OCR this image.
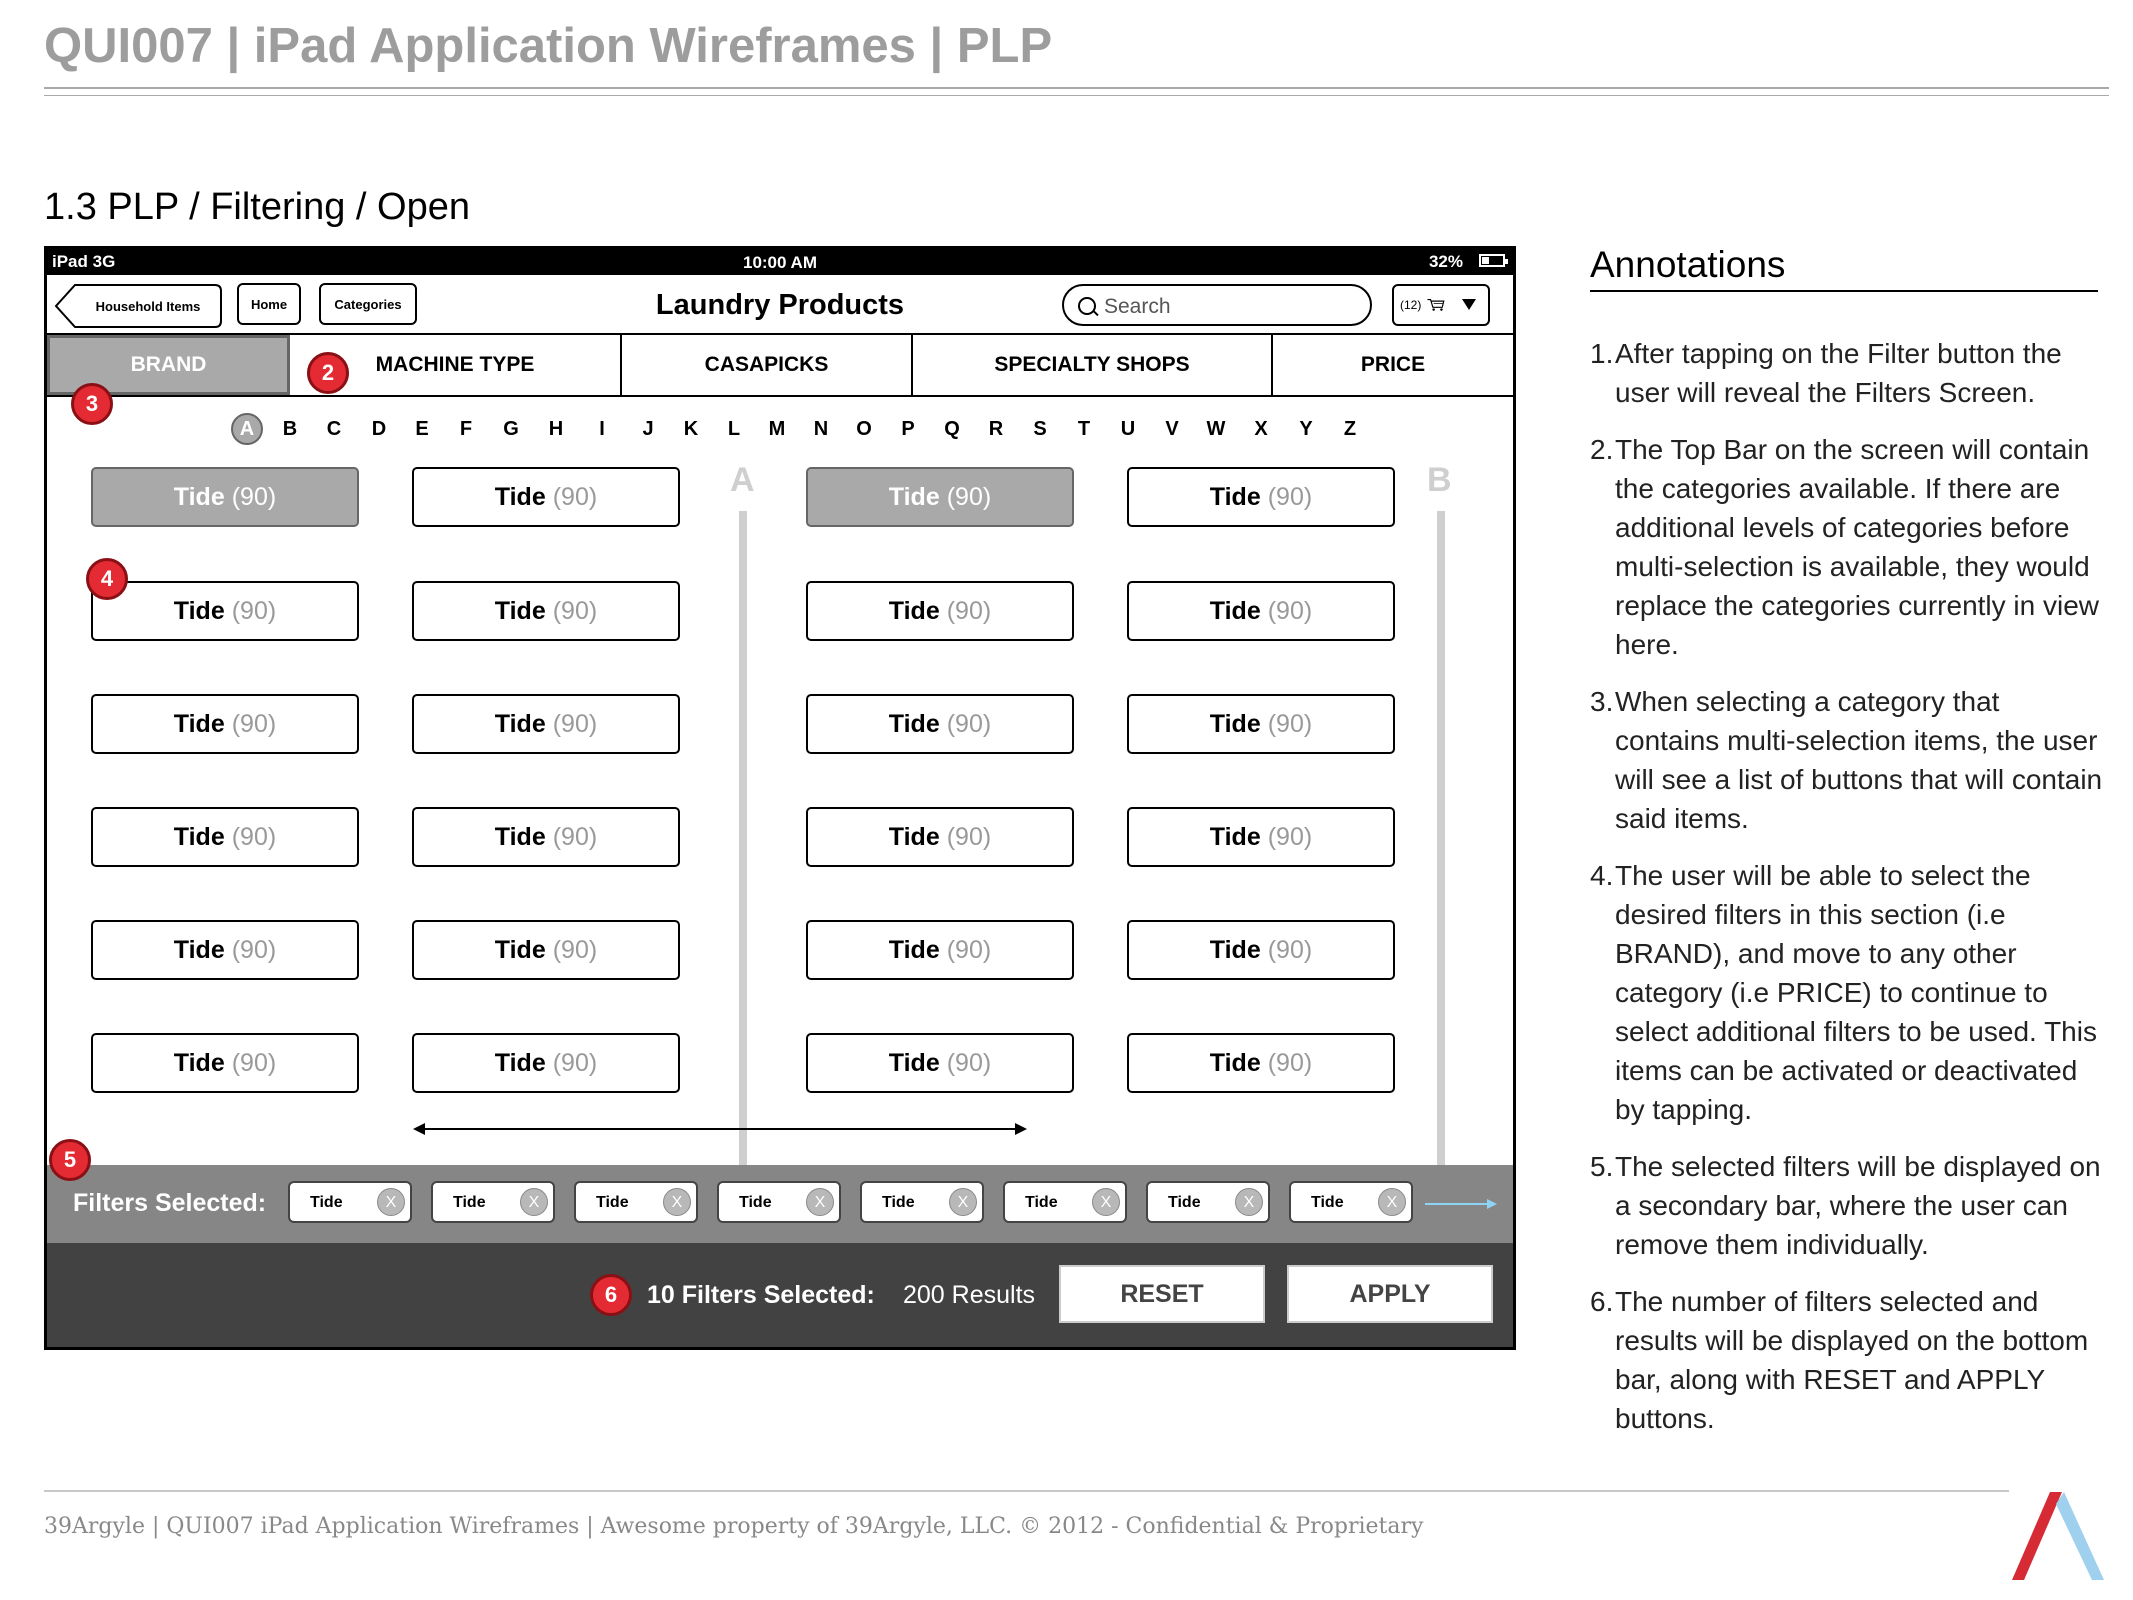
QUI007 | iPad Application Wireframes | PLP
1.3 PLP / Filtering / Open
iPad 3G	10:00 AM	32%
Household Items	Home	Categories	Laundry Products	Search	(12)
BRAND	MACHINE TYPE	CASAPICKS	SPECIALTY SHOPS	PRICE
A	B	C	D	E	F	G	H	I	J	K	L	M	N	O	P	Q	R	S	T	U	V	W	X	Y	Z
Tide (90)
Tide (90)
Tide (90)
Tide (90)
Tide (90)
Tide (90)
Tide (90)
Tide (90)
Tide (90)
Tide (90)
Tide (90)
Tide (90)
Tide (90)
Tide (90)
Tide (90)
Tide (90)
Tide (90)
Tide (90)
Tide (90)
Tide (90)
Tide (90)
Tide (90)
Tide (90)
Tide (90)
A	B
Filters Selected:	Tide	X	Tide	X	Tide	X	Tide	X	Tide	X	Tide	X	Tide	X	Tide	X
10 Filters Selected: 200 Results	RESET	APPLY
2
3
4
5
6
Annotations
1. After tapping on the Filter button the user will reveal the Filters Screen.
2. The Top Bar on the screen will contain the categories available. If there are additional levels of categories before multi-selection is available, they would replace the categories currently in view here.
3. When selecting a category that contains multi-selection items, the user will see a list of buttons that will contain said items.
4. The user will be able to select the desired filters in this section (i.e BRAND), and move to any other category (i.e PRICE) to continue to select additional filters to be used. This items can be activated or deactivated by tapping.
5. The selected filters will be displayed on a secondary bar, where the user can remove them individually.
6. The number of filters selected and results will be displayed on the bottom bar, along with RESET and APPLY buttons.
39Argyle | QUI007 iPad Application Wireframes | Awesome property of 39Argyle, LLC. © 2012 - Confidential & Proprietary
